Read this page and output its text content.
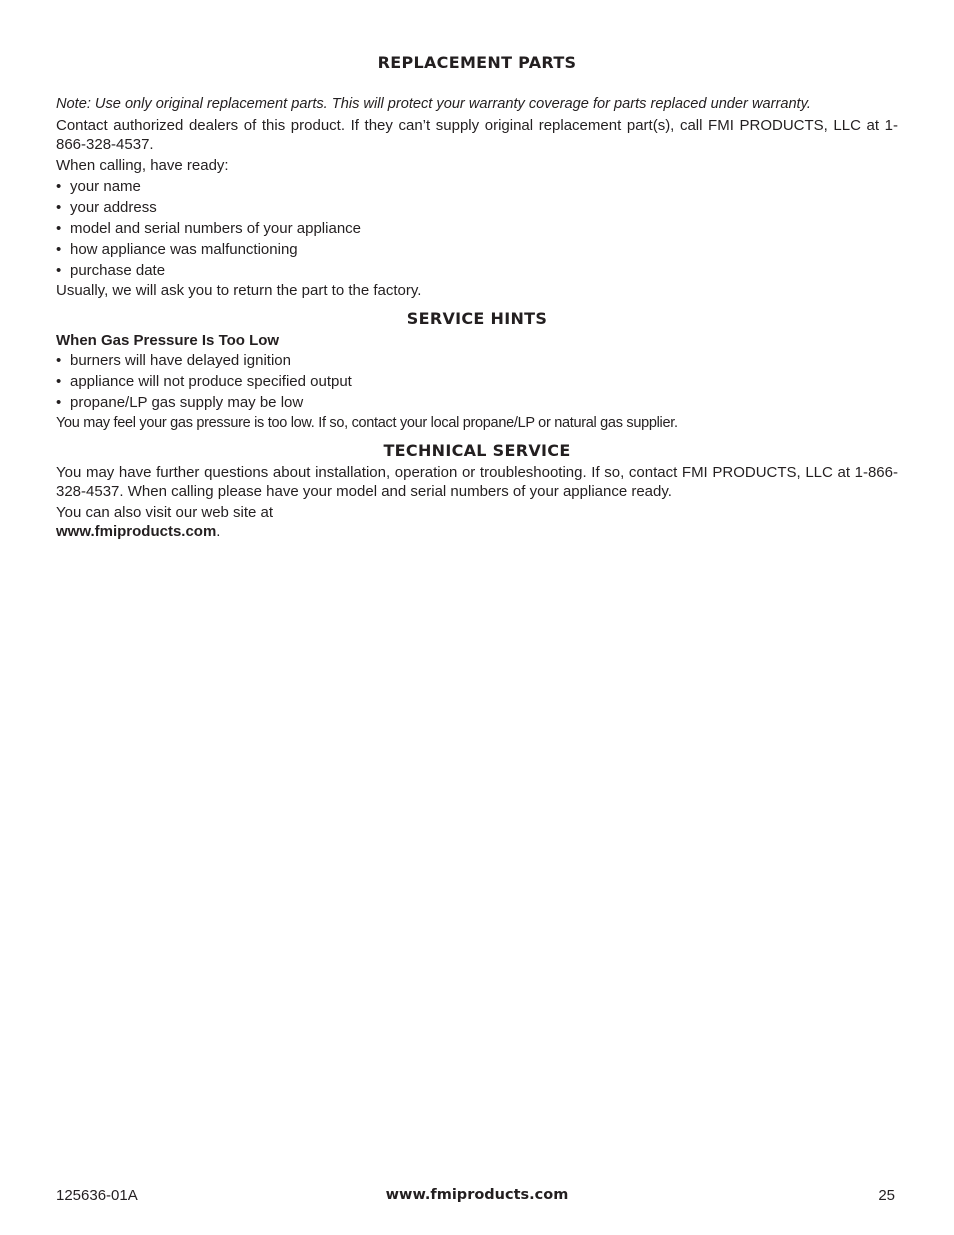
REPLACEMENT PARTS

Note: Use only original replacement parts. This will protect your warranty coverage for parts replaced under warranty.

Contact authorized dealers of this product. If they can’t supply original replacement part(s), call FMI PRODUCTS, LLC at 1-866-328-4537.

When calling, have ready:

• your name
• your address
• model and serial numbers of your appliance
• how appliance was malfunctioning
• purchase date

Usually, we will ask you to return the part to the factory.

SERVICE HINTS

When Gas Pressure Is Too Low

• burners will have delayed ignition
• appliance will not produce specified output
• propane/LP gas supply may be low

You may feel your gas pressure is too low. If so, contact your local propane/LP or natural gas supplier.

TECHNICAL SERVICE

You may have further questions about installation, operation or troubleshooting. If so, contact FMI PRODUCTS, LLC at 1-866-328-4537. When calling please have your model and serial numbers of your appliance ready.

You can also visit our web site at

www.fmiproducts.com.

125636-01A	www.fmiproducts.com	25
